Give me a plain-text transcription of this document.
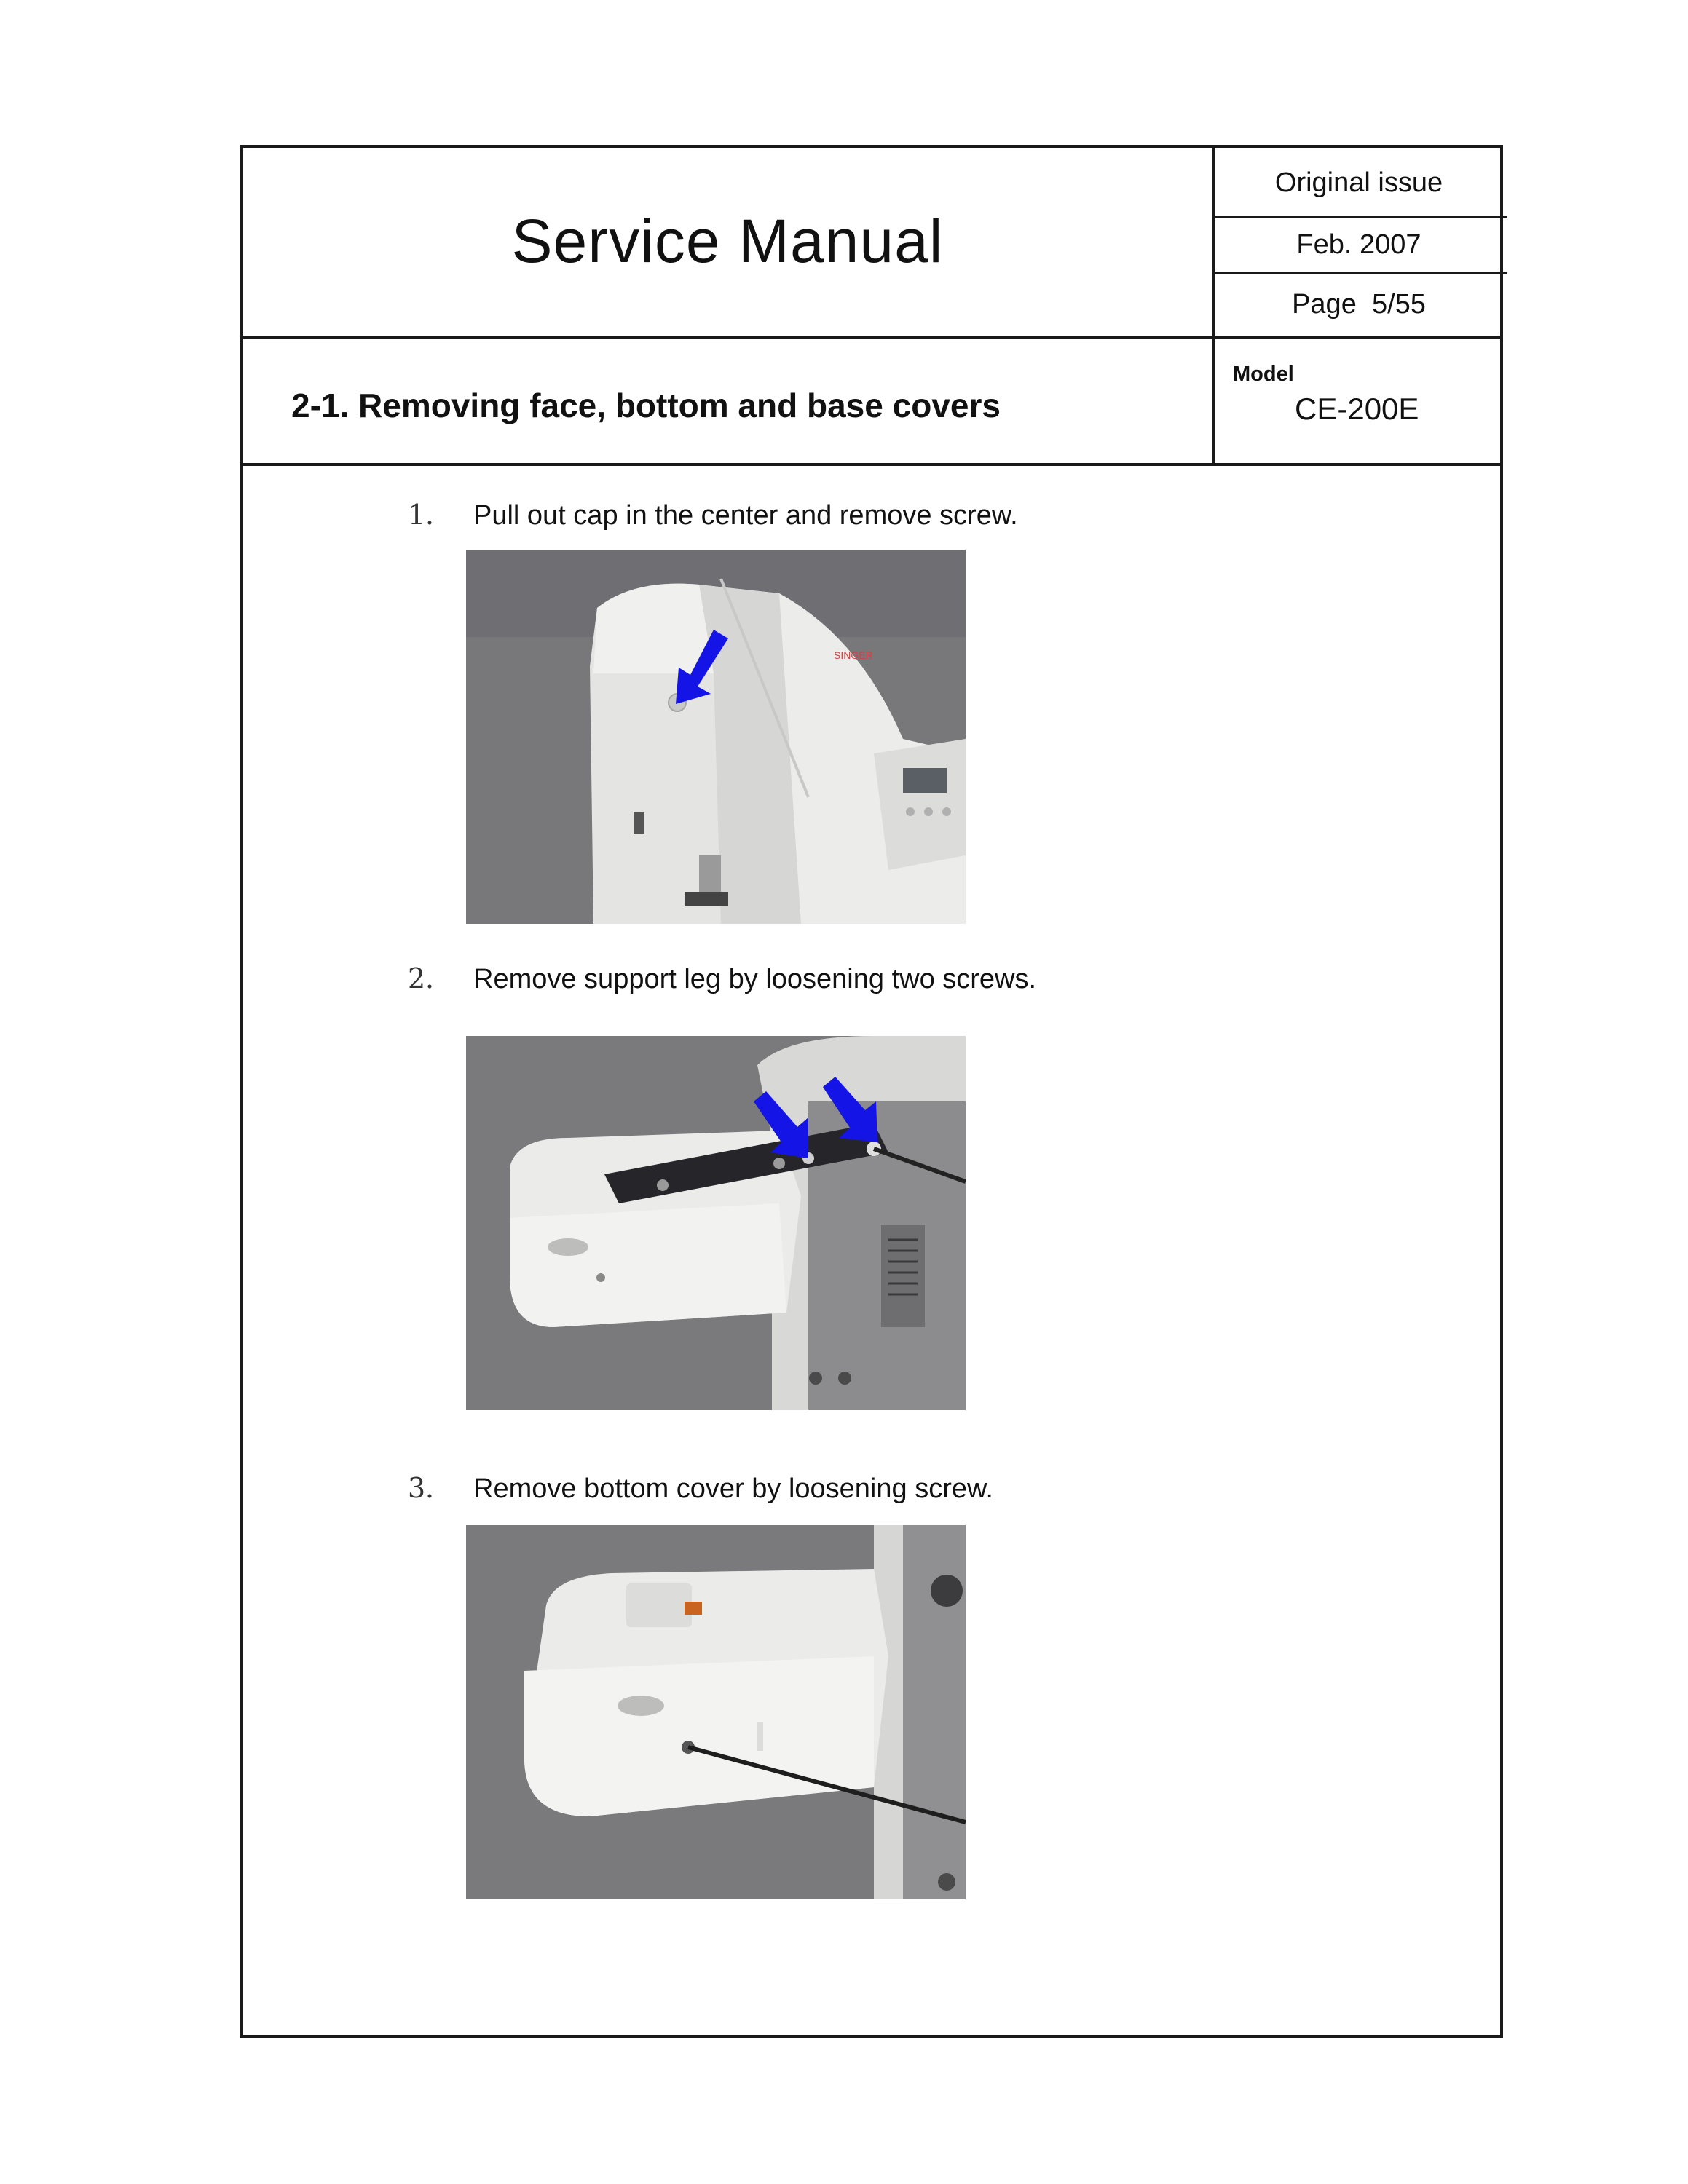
Service Manual
Original issue
Feb. 2007
Page
5/55
2-1. Removing face, bottom and base covers
Model
CE-200E
1． Pull out cap in the center and remove screw.
SINGER
2． Remove support leg by loosening two screws.
3． Remove bottom cover by loosening screw.
